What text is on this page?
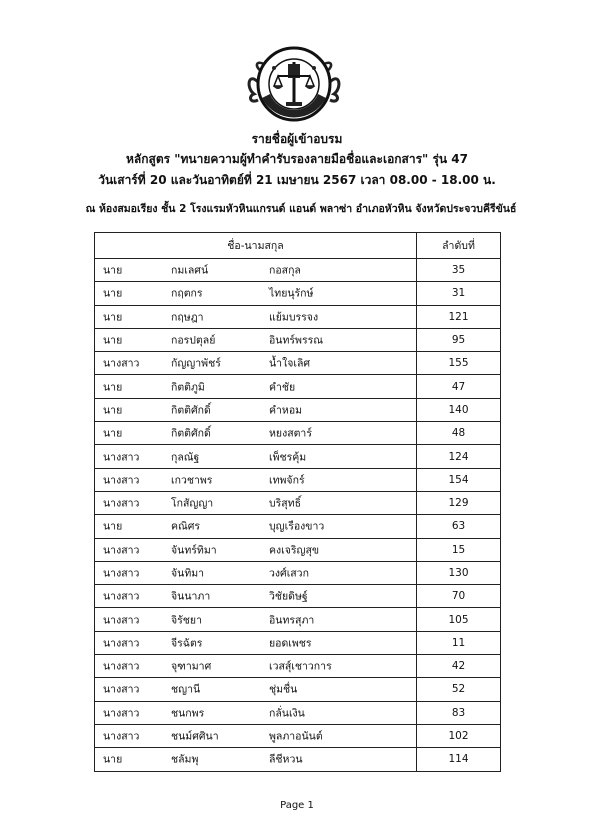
รายชื่อผู้เข้าอบรม
หลักสูตร "ทนายความผู้ทำคำรับรองลายมือชื่อและเอกสาร" รุ่น 47
วันเสาร์ที่ 20 และวันอาทิตย์ที่ 21 เมษายน 2567 เวลา 08.00 - 18.00 น.
ณ ห้องสมอเรียง ชั้น 2 โรงแรมหัวหินแกรนด์ แอนด์ พลาซ่า อำเภอหัวหิน จังหวัดประจวบคีรีขันธ์
ชื่อ-นามสกุล	ลำดับที่

นาย กมเลศน์ กอสกุล	35

นาย กฤตกร ไทยนุรักษ์	31

นาย กฤษฎา แย้มบรรจง	121

นาย กอรปตุลย์ อินทร์พรรณ	95

นางสาว กัญญาพัชร์ น้ำใจเลิศ	155

นาย กิตติภูมิ คำชัย	47

นาย กิตติศักดิ์ คำหอม	140

นาย กิตติศักดิ์ หยงสตาร์	48

นางสาว กุลณัฐ เพ็ชรคุ้ม	124

นางสาว เกวชาพร เทพจักร์	154

นางสาว โกสัญญา บริสุทธิ์	129

นาย คณิศร บุญเรืองขาว	63

นางสาว จันทร์ทิมา คงเจริญสุข	15

นางสาว จันทิมา วงศ์เสวก	130

นางสาว จินนาภา วิชัยดิษฐ์	70

นางสาว จิรัชยา อินทรสุภา	105

นางสาว จีรฉัตร ยอดเพชร	11

นางสาว จุฑามาศ เวสสุ์เชาวการ	42

นางสาว ชญานี ชุ่มชื่น	52

นางสาว ชนกพร กลั่นเงิน	83

นางสาว ชนม์ศศินา พูลภาอนันต์	102

นาย ชลัมพุ ลีชีหวน	114
Page 1
